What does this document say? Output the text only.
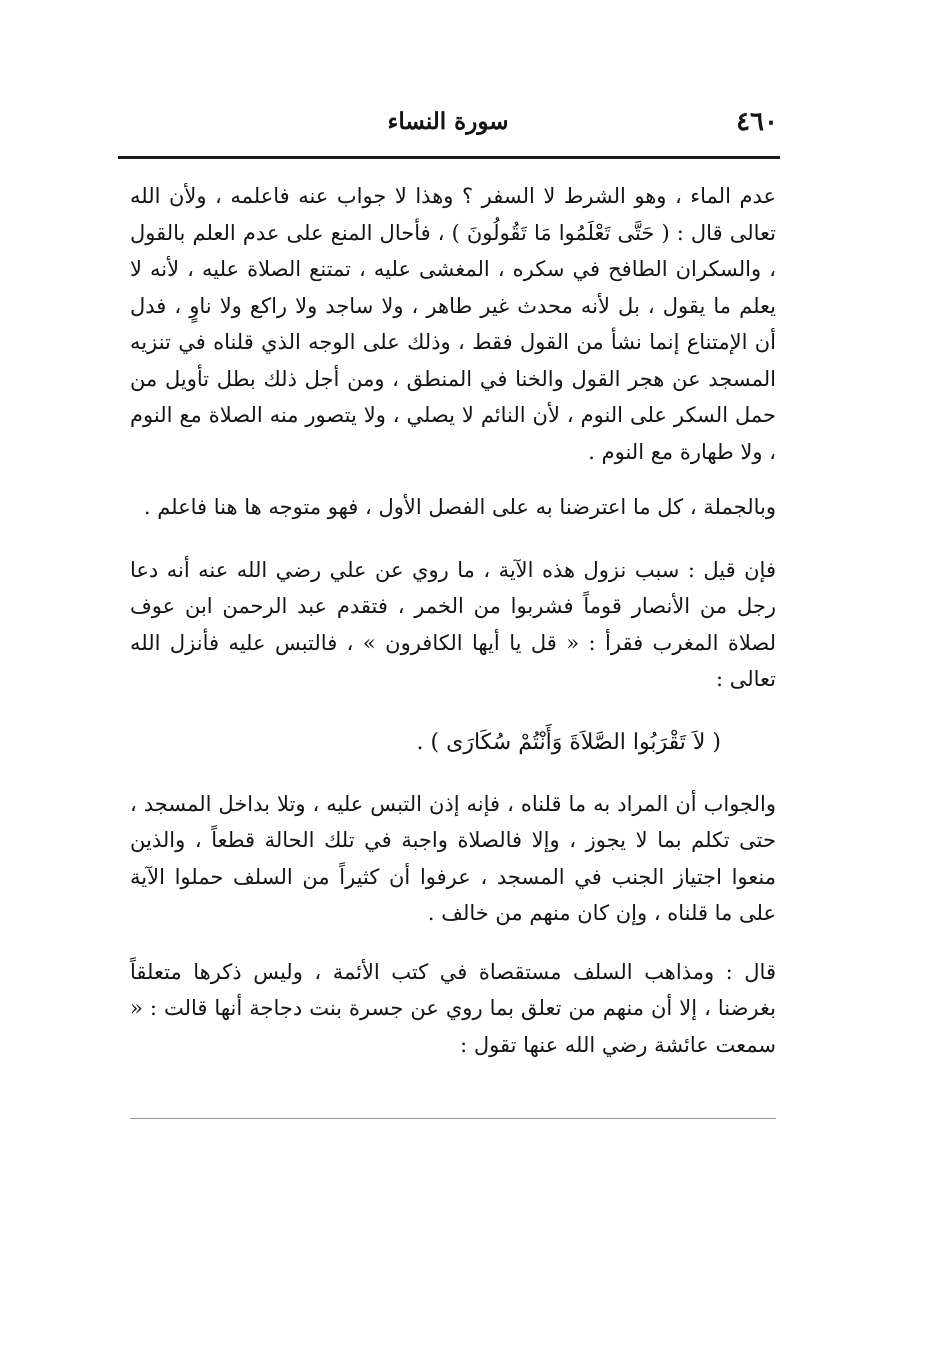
٤٦٠
سورة النساء

عدم الماء ، وهو الشرط لا السفر ؟ وهذا لا جواب عنه فاعلمه ، ولأن الله تعالى قال : ( حَتَّى تَعْلَمُوا مَا تَقُولُونَ ) ، فأحال المنع على عدم العلم بالقول ، والسكران الطافح في سكره ، المغشى عليه ، تمتنع الصلاة عليه ، لأنه لا يعلم ما يقول ، بل لأنه محدث غير طاهر ، ولا ساجد ولا راكع ولا ناوٍ ، فدل أن الإمتناع إنما نشأ من القول فقط ، وذلك على الوجه الذي قلناه في تنزيه المسجد عن هجر القول والخنا في المنطق ، ومن أجل ذلك بطل تأويل من حمل السكر على النوم ، لأن النائم لا يصلي ، ولا يتصور منه الصلاة مع النوم ، ولا طهارة مع النوم .

وبالجملة ، كل ما اعترضنا به على الفصل الأول ، فهو متوجه ها هنا فاعلم .

فإن قيل : سبب نزول هذه الآية ، ما روي عن علي رضي الله عنه أنه دعا رجل من الأنصار قوماً فشربوا من الخمر ، فتقدم عبد الرحمن ابن عوف لصلاة المغرب فقرأ : « قل يا أيها الكافرون » ، فالتبس عليه فأنزل الله تعالى :

( لاَ تَقْرَبُوا الصَّلاَةَ وَأَنْتُمْ سُكَارَى ) .

والجواب أن المراد به ما قلناه ، فإنه إذن التبس عليه ، وتلا بداخل المسجد ، حتى تكلم بما لا يجوز ، وإلا فالصلاة واجبة في تلك الحالة قطعاً ، والذين منعوا اجتياز الجنب في المسجد ، عرفوا أن كثيراً من السلف حملوا الآية على ما قلناه ، وإن كان منهم من خالف .

قال : ومذاهب السلف مستقصاة في كتب الأئمة ، وليس ذكرها متعلقاً بغرضنا ، إلا أن منهم من تعلق بما روي عن جسرة بنت دجاجة أنها قالت : « سمعت عائشة رضي الله عنها تقول :
